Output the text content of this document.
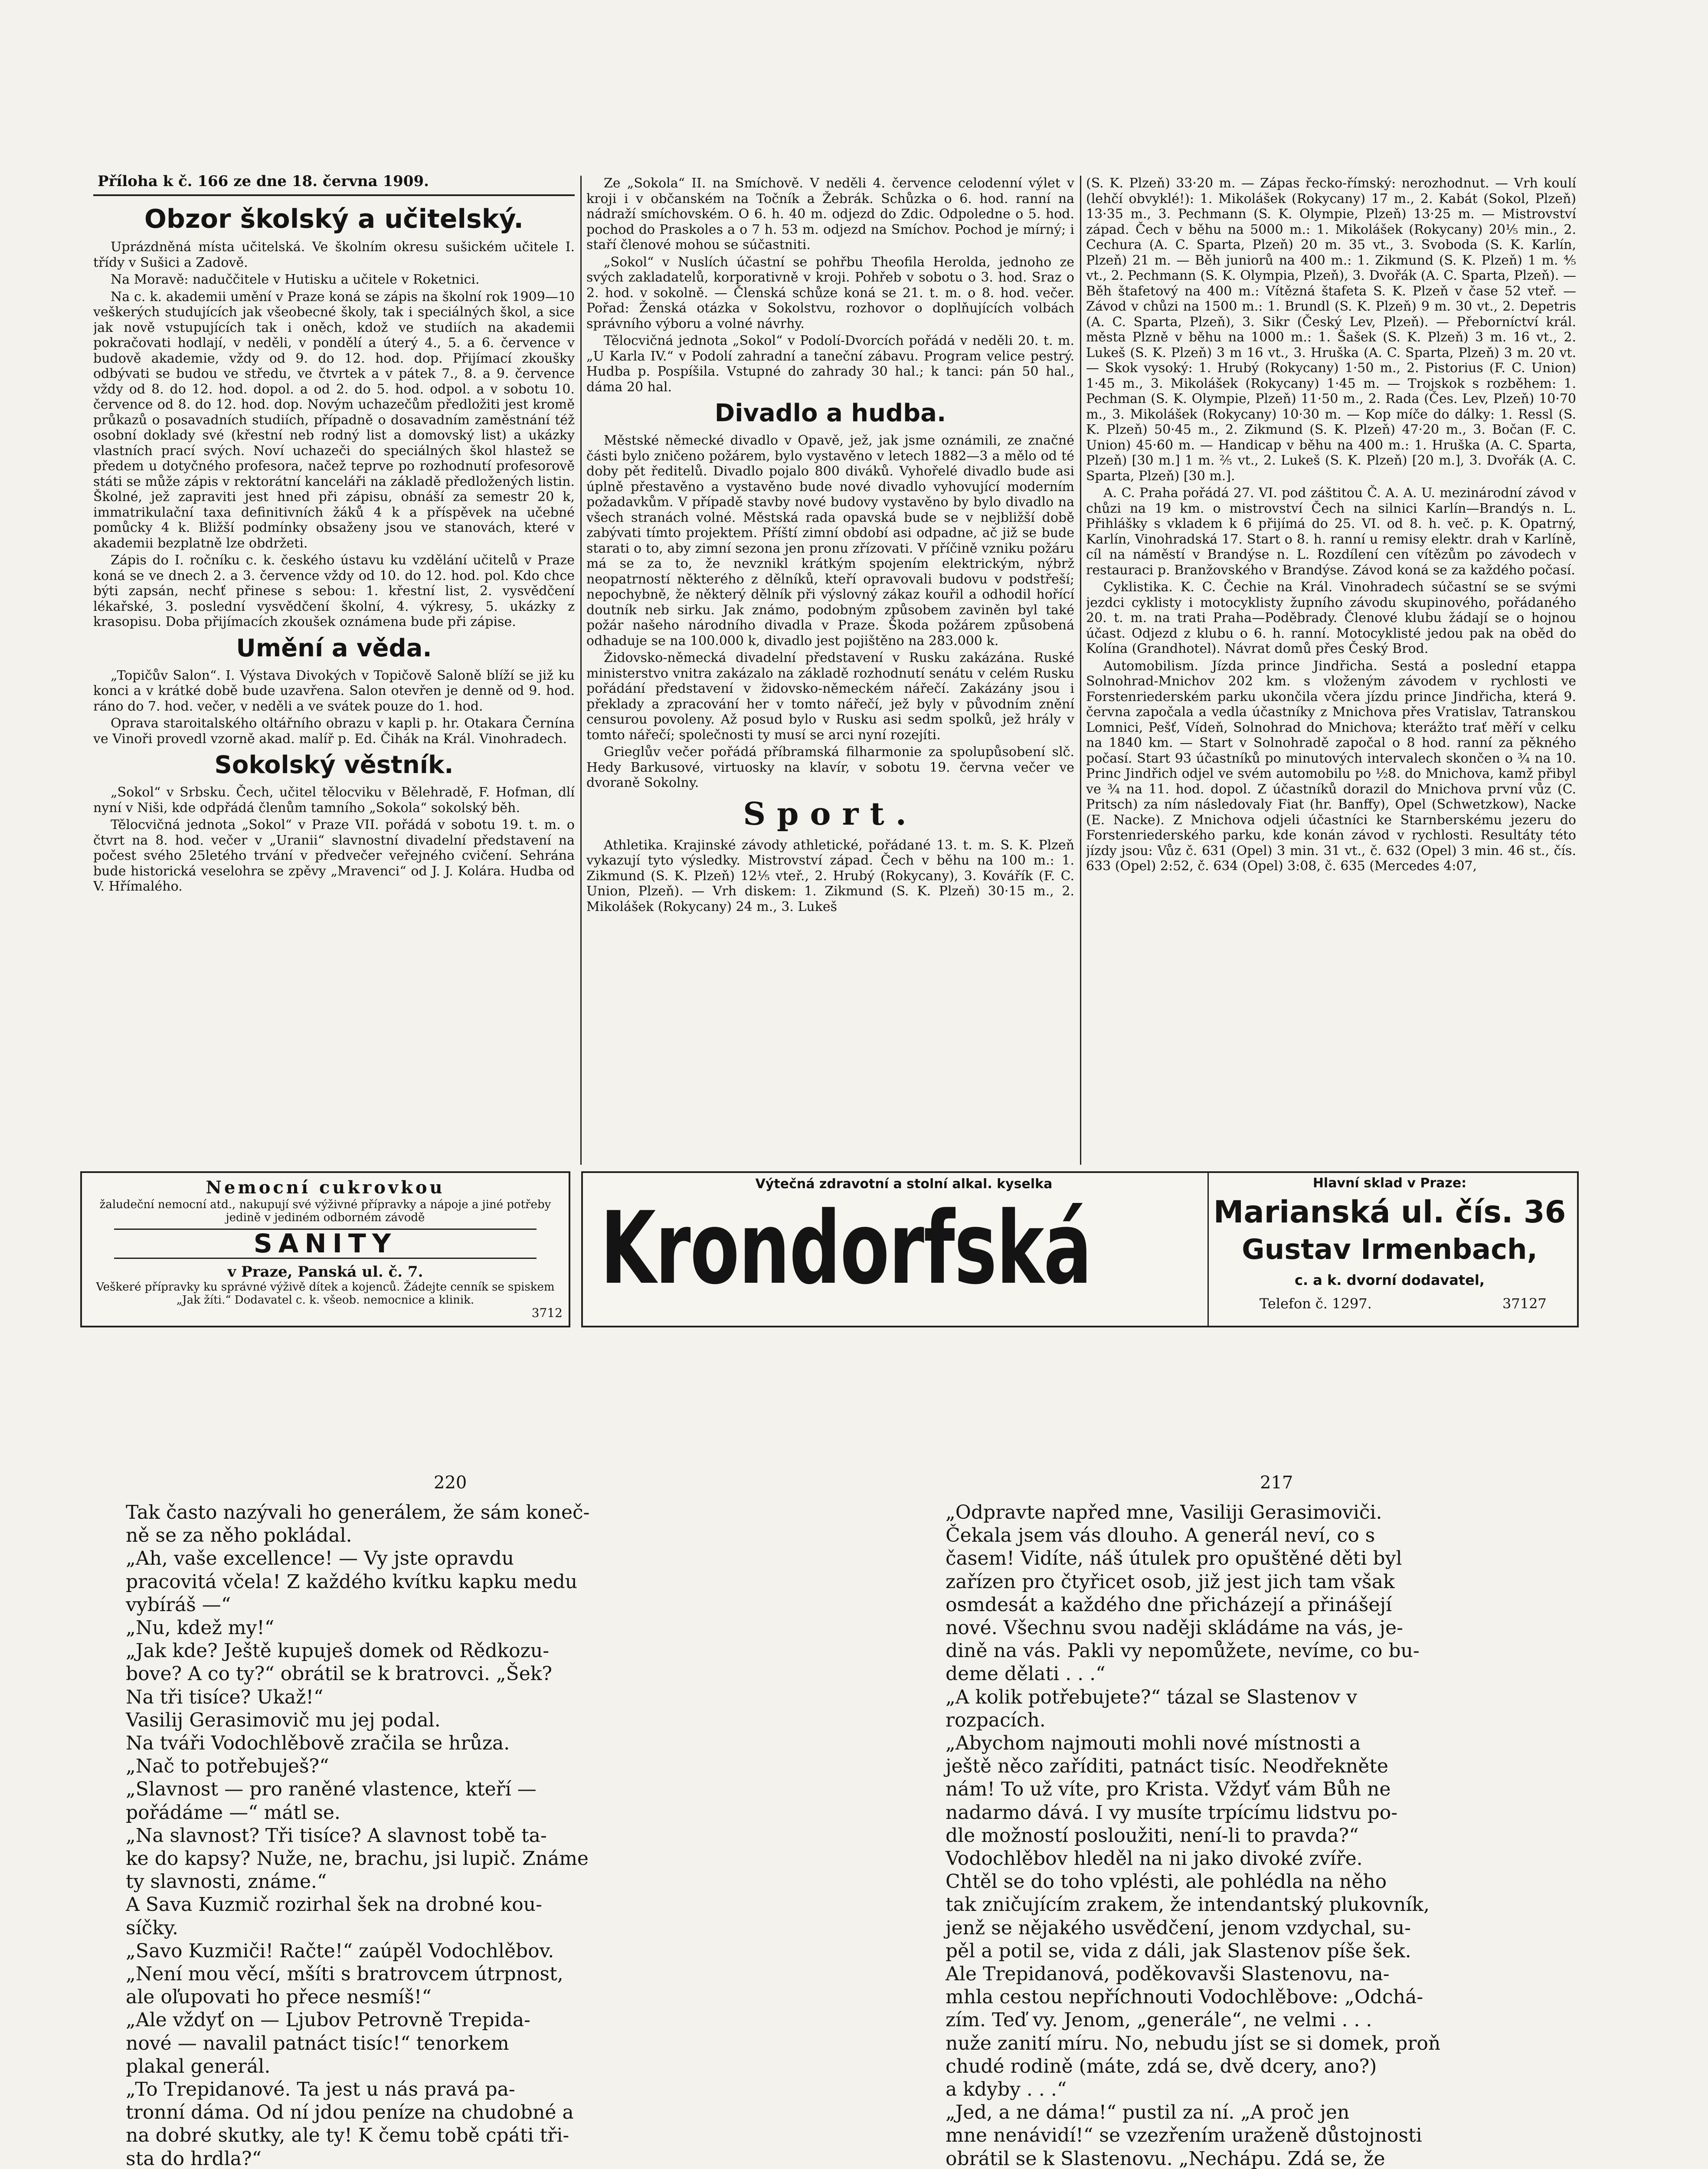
Příloha k č. 166 ze dne 18. června 1909.
Obzor školský a učitelský.

Uprázdněná místa učitelská. Ve školním okresu sušickém učitele I. třídy v Sušici a Zadově.

Na Moravě: naduččitele v Hutisku a učitele v Roketnici.

Na c. k. akademii umění v Praze koná se zápis na školní rok 1909—10 veškerých studujících jak všeobecné školy, tak i speciálných škol, a sice jak nově vstupujících tak i oněch, kdož ve studiích na akademii pokračovati hodlají, v neděli, v pondělí a úterý 4., 5. a 6. července v budově akademie, vždy od 9. do 12. hod. dop. Přijímací zkoušky odbývati se budou ve středu, ve čtvrtek a v pátek 7., 8. a 9. července vždy od 8. do 12. hod. dopol. a od 2. do 5. hod. odpol. a v sobotu 10. července od 8. do 12. hod. dop. Novým uchazečům předložiti jest kromě průkazů o posavadních studiích, případně o dosavadním zaměstnání též osobní doklady své (křestní neb rodný list a domovský list) a ukázky vlastních prací svých. Noví uchazeči do speciálných škol hlastež se předem u dotyčného profesora, načež teprve po rozhodnutí profesorově státi se může zápis v rektorátní kanceláři na základě předložených listin. Školné, jež zapraviti jest hned při zápisu, obnáší za semestr 20 k, immatrikulační taxa definitivních žáků 4 k a příspěvek na učebné pomůcky 4 k. Bližší podmínky obsaženy jsou ve stanovách, které v akademii bezplatně lze obdržeti.

Zápis do I. ročníku c. k. českého ústavu ku vzdělání učitelů v Praze koná se ve dnech 2. a 3. července vždy od 10. do 12. hod. pol. Kdo chce býti zapsán, nechť přinese s sebou: 1. křestní list, 2. vysvědčení lékařské, 3. poslední vysvědčení školní, 4. výkresy, 5. ukázky z krasopisu. Doba přijímacích zkoušek oznámena bude při zápise.

Umění a věda.

„Topičův Salon“. I. Výstava Divokých v Topičově Saloně blíží se již ku konci a v krátké době bude uzavřena. Salon otevřen je denně od 9. hod. ráno do 7. hod. večer, v neděli a ve svátek pouze do 1. hod.

Oprava staroitalského oltářního obrazu v kapli p. hr. Otakara Černína ve Vinoři provedl vzorně akad. malíř p. Ed. Čihák na Král. Vinohradech.

Sokolský věstník.

„Sokol“ v Srbsku. Čech, učitel tělocviku v Bělehradě, F. Hofman, dlí nyní v Niši, kde odpřádá členům tamního „Sokola“ sokolský běh.

Tělocvičná jednota „Sokol“ v Praze VII. pořádá v sobotu 19. t. m. o čtvrt na 8. hod. večer v „Uranii“ slavnostní divadelní představení na počest svého 25letého trvání v předvečer veřejného cvičení. Sehrána bude historická veselohra se zpěvy „Mravenci“ od J. J. Kolára. Hudba od V. Hřímalého.

Ze „Sokola“ II. na Smíchově. V neděli 4. července celodenní výlet v kroji i v občanském na Točník a Žebrák. Schůzka o 6. hod. ranní na nádraží smíchovském. O 6. h. 40 m. odjezd do Zdic. Odpoledne o 5. hod. pochod do Praskoles a o 7 h. 53 m. odjezd na Smíchov. Pochod je mírný; i staří členové mohou se súčastniti.

„Sokol“ v Nuslích účastní se pohřbu Theofila Heroldа, jednoho ze svých zakladatelů, korporativně v kroji. Pohřeb v sobotu o 3. hod. Sraz o 2. hod. v sokolně. — Členská schůze koná se 21. t. m. o 8. hod. večer. Pořad: Ženská otázka v Sokolstvu, rozhovor o doplňujících volbách správního výboru a volné návrhy.

Tělocvičná jednota „Sokol“ v Podolí-Dvorcích pořádá v neděli 20. t. m. „U Karla IV.“ v Podolí zahradní a taneční zábavu. Program velice pestrý. Hudba p. Pospíšila. Vstupné do zahrady 30 hal.; k tanci: pán 50 hal., dáma 20 hal.

Divadlo a hudba.

Městské německé divadlo v Opavě, jež, jak jsme oznámili, ze značné části bylo zničeno požárem, bylo vystavěno v letech 1882—3 a mělo od té doby pět ředitelů. Divadlo pojalo 800 diváků. Vyhořelé divadlo bude asi úplně přestavěno a vystavěno bude nové divadlo vyhovující moderním požadavkům. V případě stavby nové budovy vystavěno by bylo divadlo na všech stranách volné. Městská rada opavská bude se v nejbližší době zabývati tímto projektem. Příští zimní období asi odpadne, ač již se bude starati o to, aby zimní sezona jen pronu zřízovati. V příčině vzniku požáru má se za to, že nevznikl krátkým spojením elektrickým, nýbrž neopatrností některého z dělníků, kteří opravovali budovu v podstřeší; nepochybně, že některý dělník při výslovný zákaz kouřil a odhodil hořící doutník neb sirku. Jak známo, podobným způsobem zaviněn byl také požár našeho národního divadla v Praze. Škoda požárem způsobená odhaduje se na 100.000 k, divadlo jest pojištěno na 283.000 k.

Židovsko-německá divadelní představení v Rusku zakázána. Ruské ministerstvo vnitra zakázalo na základě rozhodnutí senátu v celém Rusku pořádání představení v židovsko-německém nářečí. Zakázány jsou i překlady a zpracování her v tomto nářečí, jež byly v původním znění censurou povoleny. Až posud bylo v Rusku asi sedm spolků, jež hrály v tomto nářečí; společnosti ty musí se arci nyní rozejíti.

Grieglův večer pořádá příbramská filharmonie za spolupůsobení slč. Hedy Barkusové, virtuosky na klavír, v sobotu 19. června večer ve dvoraně Sokolny.

Sport.

Athletika. Krajinské závody athletické, pořádané 13. t. m. S. K. Plzeň vykazují tyto výsledky. Mistrovství západ. Čech v běhu na 100 m.: 1. Zikmund (S. K. Plzeň) 12⅕ vteř., 2. Hrubý (Rokycany), 3. Kovářík (F. C. Union, Plzeň). — Vrh diskem: 1. Zikmund (S. K. Plzeň) 30·15 m., 2. Mikolášek (Rokycany) 24 m., 3. Lukeš

(S. K. Plzeň) 33·20 m. — Zápas řecko-římský: nerozhodnut. — Vrh koulí (lehčí obvyklé!): 1. Mikolášek (Rokycany) 17 m., 2. Kabát (Sokol, Plzeň) 13·35 m., 3. Pechmann (S. K. Olympie, Plzeň) 13·25 m. — Mistrovství západ. Čech v běhu na 5000 m.: 1. Mikolášek (Rokycany) 20⅕ min., 2. Cechura (A. C. Sparta, Plzeň) 20 m. 35 vt., 3. Svoboda (S. K. Karlín, Plzeň) 21 m. — Běh juniorů na 400 m.: 1. Zikmund (S. K. Plzeň) 1 m. ⅘ vt., 2. Pechmann (S. K. Olympia, Plzeň), 3. Dvořák (A. C. Sparta, Plzeň). — Běh štafetový na 400 m.: Vítězná štafeta S. K. Plzeň v čase 52 vteř. — Závod v chůzi na 1500 m.: 1. Brundl (S. K. Plzeň) 9 m. 30 vt., 2. Depetris (A. C. Sparta, Plzeň), 3. Sikr (Český Lev, Plzeň). — Přeborníctví král. města Plzně v běhu na 1000 m.: 1. Šašek (S. K. Plzeň) 3 m. 16 vt., 2. Lukeš (S. K. Plzeň) 3 m 16 vt., 3. Hruška (A. C. Sparta, Plzeň) 3 m. 20 vt. — Skok vysoký: 1. Hrubý (Rokycany) 1·50 m., 2. Pistorius (F. C. Union) 1·45 m., 3. Mikolášek (Rokycany) 1·45 m. — Trojskok s rozběhem: 1. Pechman (S. K. Olympie, Plzeň) 11·50 m., 2. Rada (Čes. Lev, Plzeň) 10·70 m., 3. Mikolášek (Rokycany) 10·30 m. — Kop míče do dálky: 1. Ressl (S. K. Plzeň) 50·45 m., 2. Zikmund (S. K. Plzeň) 47·20 m., 3. Bočan (F. C. Union) 45·60 m. — Handicap v běhu na 400 m.: 1. Hruška (A. C. Sparta, Plzeň) [30 m.] 1 m. ⅖ vt., 2. Lukeš (S. K. Plzeň) [20 m.], 3. Dvořák (A. C. Sparta, Plzeň) [30 m.].

A. C. Praha pořádá 27. VI. pod záštitou Č. A. A. U. mezinárodní závod v chůzi na 19 km. o mistrovství Čech na silnici Karlín—Brandýs n. L. Přihlášky s vkladem k 6 přijímá do 25. VI. od 8. h. več. p. K. Opatrný, Karlín, Vinohradská 17. Start o 8. h. ranní u remisy elektr. drah v Karlíně, cíl na náměstí v Brandýse n. L. Rozdílení cen vítězům po závodech v restauraci p. Branžovského v Brandýse. Závod koná se za každého počasí.

Cyklistika. K. C. Čechie na Král. Vinohradech súčastní se se svými jezdci cyklisty i motocyklisty župního závodu skupinového, pořádaného 20. t. m. na trati Praha—Poděbrady. Členové klubu žádají se o hojnou účast. Odjezd z klubu o 6. h. ranní. Motocyklisté jedou pak na oběd do Kolína (Grandhotel). Návrat domů přes Český Brod.

Automobilism. Jízda prince Jindřicha. Sestá a poslední etappa Solnohrad-Mnichov 202 km. s vloženým závodem v rychlosti ve Forstenriederském parku ukončila včera jízdu prince Jindřicha, která 9. června započala a vedla účastníky z Mnichova přes Vratislav, Tatranskou Lomnici, Pešť, Vídeň, Solnohrad do Mnichova; kterážto trať měří v celku na 1840 km. — Start v Solnohradě započal o 8 hod. ranní za pěkného počasí. Start 93 účastníků po minutových intervalech skončen o ¾ na 10. Princ Jindřich odjel ve svém automobilu po ½8. do Mnichova, kamž přibyl ve ¾ na 11. hod. dopol. Z účastníků dorazil do Mnichova první vůz (C. Pritsch) za ním následovaly Fiat (hr. Banffy), Opel (Schwetzkow), Nacke (E. Nacke). Z Mnichova odjeli účastníci ke Starnberskému jezeru do Forstenriederského parku, kde konán závod v rychlosti. Resultáty této jízdy jsou: Vůz č. 631 (Opel) 3 min. 31 vt., č. 632 (Opel) 3 min. 46 st., čís. 633 (Opel) 2:52, č. 634 (Opel) 3:08, č. 635 (Mercedes 4:07,

Nemocní cukrovkou
žaludeční nemocní atd., nakupují své výživné přípravky a nápoje a jiné potřeby jedině v jediném odborném závodě
SANITY
v Praze, Panská ul. č. 7.
Veškeré přípravky ku správné výživě dítek a kojenců. Žádejte cenník se spiskem „Jak žíti.“ Dodavatel c. k. všeob. nemocnice a klinik.
3712
Výtečná zdravotní a stolní alkal. kyselka
Krondorfská
Hlavní sklad v Praze:
Marianská ul. čís. 36
Gustav Irmenbach,
c. a k. dvorní dodavatel,
Telefon č. 1297.	37127
220	217

Tak často nazývali ho generálem, že sám koneč-

ně se za něho pokládal.

„Ah, vaše excellence! — Vy jste opravdu

pracovitá včela! Z každého kvítku kapku medu

vybíráš —“

„Nu, kdež my!“

„Jak kde? Ještě kupuješ domek od Rědkozu-

bove? A co ty?“ obrátil se k bratrovci. „Šek?

Na tři tisíce? Ukaž!“

Vasilij Gerasimovič mu jej podal.

Na tváři Vodochlěbově zračila se hrůza.

„Nač to potřebuješ?“

„Slavnost — pro raněné vlastence, kteří —

pořádáme —“ mátl se.

„Na slavnost? Tři tisíce? A slavnost tobě ta-

ke do kapsy? Nuže, ne, brachu, jsi lupič. Známe

ty slavnosti, známe.“

A Sava Kuzmič rozirhal šek na drobné kou-

síčky.

„Savo Kuzmiči! Račte!“ zaúpěl Vodochlěbov.

„Není mou věcí, mšíti s bratrovcem útrpnost,

ale oľupovati ho přece nesmíš!“

„Ale vždyť on — Ljubov Petrovně Trepida-

nové — navalil patnáct tisíc!“ tenorkem

plakal generál.

„To Trepidanové. Ta jest u nás pravá pa-

tronní dáma. Od ní jdou peníze na chudobné a

na dobré skutky, ale ty! K čemu tobě cpáti tři-

sta do hrdla?“

„Odpravte napřed mne, Vasiliji Gerasimoviči.

Čekala jsem vás dlouho. A generál neví, co s

časem! Vidíte, náš útulek pro opuštěné děti byl

zařízen pro čtyřicet osob, již jest jich tam však

osmdesát a každého dne přicházejí a přinášejí

nové. Všechnu svou naději skládáme na vás, je-

dině na vás. Pakli vy nepomůžete, nevíme, co bu-

deme dělati . . .“

„A kolik potřebujete?“ tázal se Slastenov v

rozpacích.

„Abychom najmouti mohli nové místnosti a

ještě něco zaříditi, patnáct tisíc. Neodřekněte

nám! To už víte, pro Krista. Vždyť vám Bůh ne

nadarmo dává. I vy musíte trpícímu lidstvu po-

dle možností posloužiti, není-li to pravda?“

Vodochlěbov hleděl na ni jako divoké zvíře.

Chtěl se do toho vplésti, ale pohlédla na něho

tak zničujícím zrakem, že intendantský plukovník,

jenž se nějakého usvědčení, jenom vzdychal, su-

pěl a potil se, vida z dáli, jak Slastenov píše šek.

Ale Trepidanová, poděkovavši Slastenovu, na-

mhla cestou nepříchnouti Vodochlěbove: „Odchá-

zím. Teď vy. Jenom, „generále“, ne velmi . . .

nuže zanití míru. No, nebudu jíst se si domek, proň

chudé rodině (máte, zdá se, dvě dcery, ano?)

a kdyby . . .“

„Jed, a ne dáma!“ pustil za ní. „A proč jen

mne nenávidí!“ se vzezřením uraženě důstojnosti

obrátil se k Slastenovu. „Nechápu. Zdá se, že
